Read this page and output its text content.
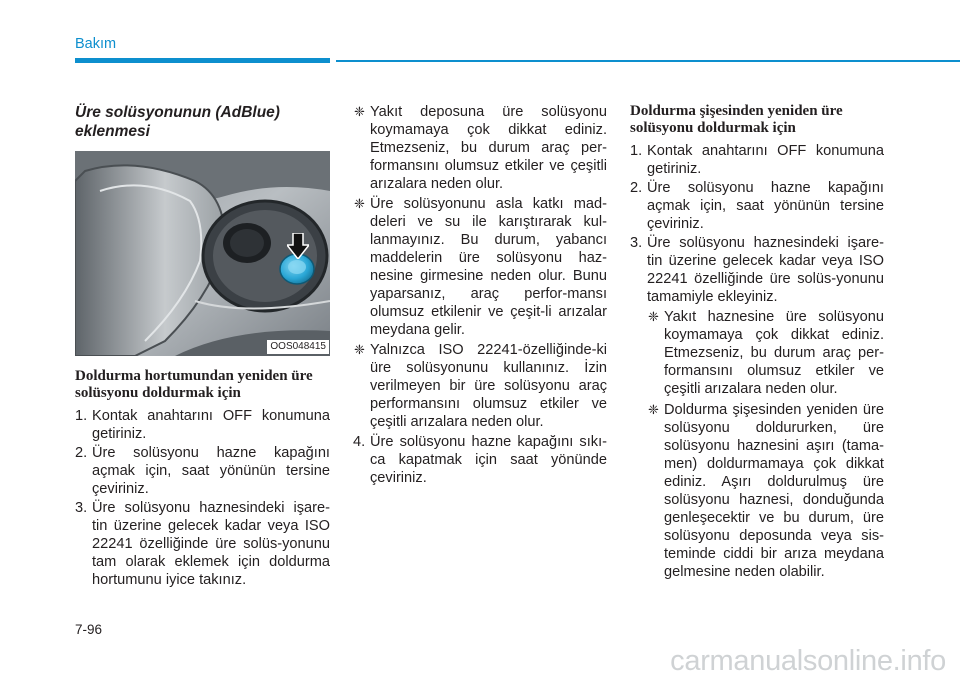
Bakım
Üre solüsyonunun (AdBlue) eklenmesi
OOS048415
Doldurma hortumundan yeniden üre solüsyonu doldurmak için
1. Kontak anahtarını OFF konumuna getiriniz.
2. Üre solüsyonu hazne kapağını açmak için, saat yönünün tersine çeviriniz.
3. Üre solüsyonu haznesindeki işare-tin üzerine gelecek kadar veya ISO 22241 özelliğinde üre solüs-yonunu tam olarak eklemek için doldurma hortumunu iyice takınız.
❈ Yakıt deposuna üre solüsyonu koymamaya çok dikkat ediniz. Etmezseniz, bu durum araç per-formansını olumsuz etkiler ve çeşitli arızalara neden olur.
❈ Üre solüsyonunu asla katkı mad-deleri ve su ile karıştırarak kul-lanmayınız. Bu durum, yabancı maddelerin üre solüsyonu haz-nesine girmesine neden olur. Bunu yaparsanız, araç perfor-mansı olumsuz etkilenir ve çeşit-li arızalar meydana gelir.
❈ Yalnızca ISO 22241-özelliğinde-ki üre solüsyonunu kullanınız. İzin verilmeyen bir üre solüsyonu araç performansını olumsuz etkiler ve çeşitli arızalara neden olur.
4. Üre solüsyonu hazne kapağını sıkı-ca kapatmak için saat yönünde çeviriniz.
Doldurma şişesinden yeniden üre solüsyonu doldurmak için
1. Kontak anahtarını OFF konumuna getiriniz.
2. Üre solüsyonu hazne kapağını açmak için, saat yönünün tersine çeviriniz.
3. Üre solüsyonu haznesindeki işare-tin üzerine gelecek kadar veya ISO 22241 özelliğinde üre solüs-yonunu tamamiyle ekleyiniz.
❈ Yakıt haznesine üre solüsyonu koymamaya çok dikkat ediniz. Etmezseniz, bu durum araç per-formansını olumsuz etkiler ve çeşitli arızalara neden olur.
❈ Doldurma şişesinden yeniden üre solüsyonu doldururken, üre solüsyonu haznesini aşırı (tama-men) doldurmamaya çok dikkat ediniz. Aşırı doldurulmuş üre solüsyonu haznesi, donduğunda genleşecektir ve bu durum, üre solüsyonu deposunda veya sis-teminde ciddi bir arıza meydana gelmesine neden olabilir.
7-96
carmanualsonline.info
